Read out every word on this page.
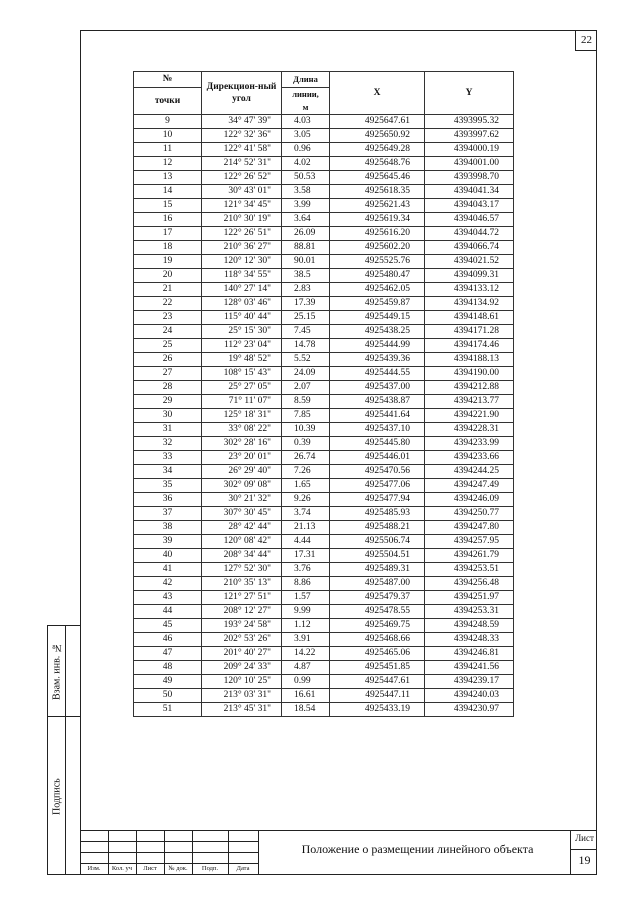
22
№	Дирекцион-ный угол	Длина	X	Y
точки		линии,		
		м		
9	34° 47' 39"	4.03	4925647.61	4393995.32
10	122° 32' 36"	3.05	4925650.92	4393997.62
11	122° 41' 58"	0.96	4925649.28	4394000.19
12	214° 52' 31"	4.02	4925648.76	4394001.00
13	122° 26' 52"	50.53	4925645.46	4393998.70
14	30° 43' 01"	3.58	4925618.35	4394041.34
15	121° 34' 45"	3.99	4925621.43	4394043.17
16	210° 30' 19"	3.64	4925619.34	4394046.57
17	122° 26' 51"	26.09	4925616.20	4394044.72
18	210° 36' 27"	88.81	4925602.20	4394066.74
19	120° 12' 30"	90.01	4925525.76	4394021.52
20	118° 34' 55"	38.5	4925480.47	4394099.31
21	140° 27' 14"	2.83	4925462.05	4394133.12
22	128° 03' 46"	17.39	4925459.87	4394134.92
23	115° 40' 44"	25.15	4925449.15	4394148.61
24	25° 15' 30"	7.45	4925438.25	4394171.28
25	112° 23' 04"	14.78	4925444.99	4394174.46
26	19° 48' 52"	5.52	4925439.36	4394188.13
27	108° 15' 43"	24.09	4925444.55	4394190.00
28	25° 27' 05"	2.07	4925437.00	4394212.88
29	71° 11' 07"	8.59	4925438.87	4394213.77
30	125° 18' 31"	7.85	4925441.64	4394221.90
31	33° 08' 22"	10.39	4925437.10	4394228.31
32	302° 28' 16"	0.39	4925445.80	4394233.99
33	23° 20' 01"	26.74	4925446.01	4394233.66
34	26° 29' 40"	7.26	4925470.56	4394244.25
35	302° 09' 08"	1.65	4925477.06	4394247.49
36	30° 21' 32"	9.26	4925477.94	4394246.09
37	307° 30' 45"	3.74	4925485.93	4394250.77
38	28° 42' 44"	21.13	4925488.21	4394247.80
39	120° 08' 42"	4.44	4925506.74	4394257.95
40	208° 34' 44"	17.31	4925504.51	4394261.79
41	127° 52' 30"	3.76	4925489.31	4394253.51
42	210° 35' 13"	8.86	4925487.00	4394256.48
43	121° 27' 51"	1.57	4925479.37	4394251.97
44	208° 12' 27"	9.99	4925478.55	4394253.31
45	193° 24' 58"	1.12	4925469.75	4394248.59
46	202° 53' 26"	3.91	4925468.66	4394248.33
47	201° 40' 27"	14.22	4925465.06	4394246.81
48	209° 24' 33"	4.87	4925451.85	4394241.56
49	120° 10' 25"	0.99	4925447.61	4394239.17
50	213° 03' 31"	16.61	4925447.11	4394240.03
51	213° 45' 31"	18.54	4925433.19	4394230.97
Взам. инв. №
Подпись
Изм.	Кол. уч	Лист	№ док.	Подп.	Дата
Положение о размещении линейного объекта
Лист
19
